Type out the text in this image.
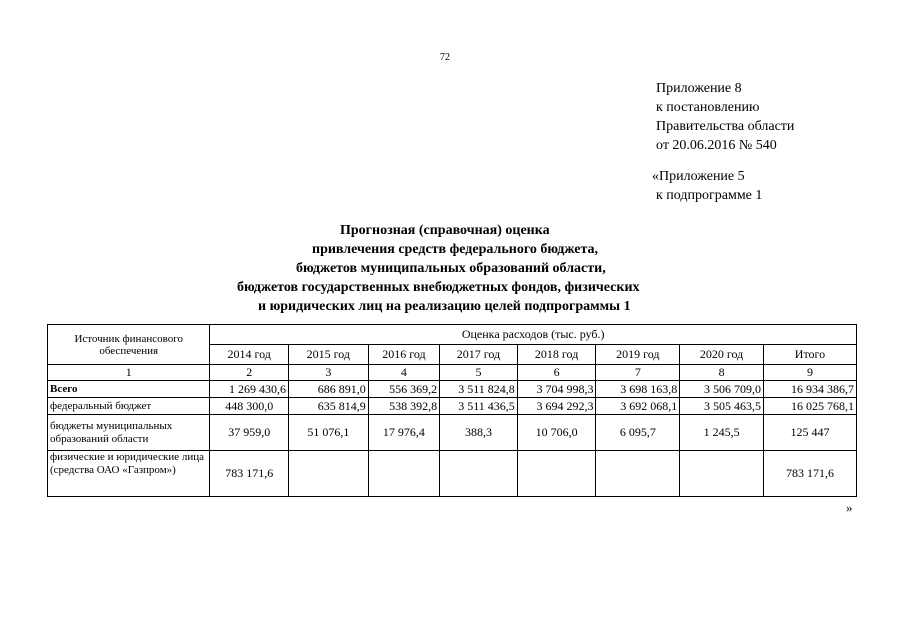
72
Приложение 8
к постановлению
Правительства области
от 20.06.2016 № 540
«Приложение 5
к подпрограмме 1
Прогнозная (справочная) оценка
привлечения средств федерального бюджета,
бюджетов муниципальных образований области,
бюджетов государственных внебюджетных фондов, физических
и юридических лиц на реализацию целей подпрограммы 1
Источник финансового обеспечения	Оценка расходов (тыс. руб.)							
	2014 год	2015 год	2016 год	2017 год	2018 год	2019 год	2020 год	Итого
1	2	3	4	5	6	7	8	9
Всего	1 269 430,6	686 891,0	556 369,2	3 511 824,8	3 704 998,3	3 698 163,8	3 506 709,0	16 934 386,7
федеральный бюджет	448 300,0	635 814,9	538 392,8	3 511 436,5	3 694 292,3	3 692 068,1	3 505 463,5	16 025 768,1
бюджеты муниципальных образований области	37 959,0	51 076,1	17 976,4	388,3	10 706,0	6 095,7	1 245,5	125 447
физические и юридические лица (средства ОАО «Газпром»)	783 171,6							783 171,6
»
